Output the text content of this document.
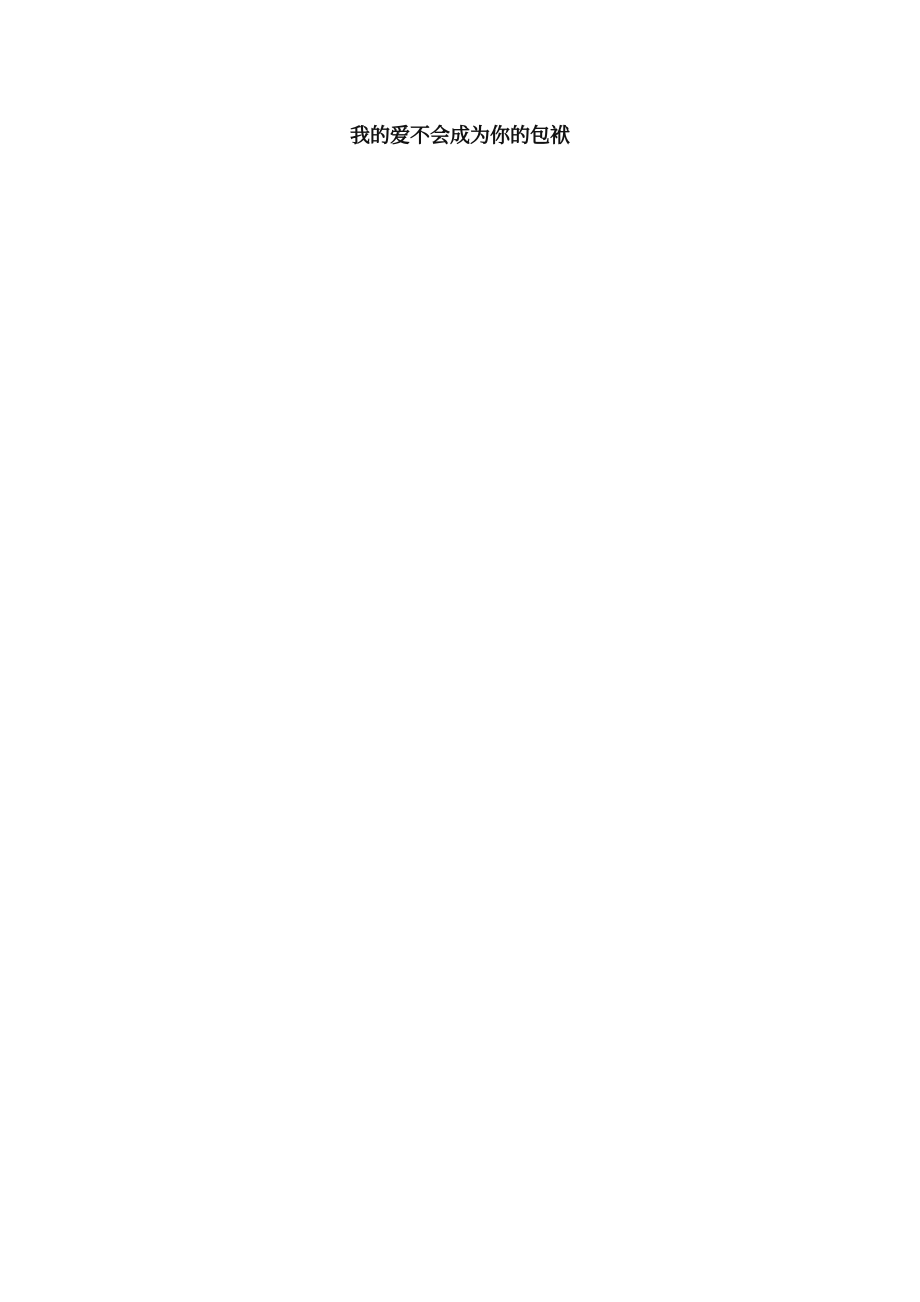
我的爱不会成为你的包袱
